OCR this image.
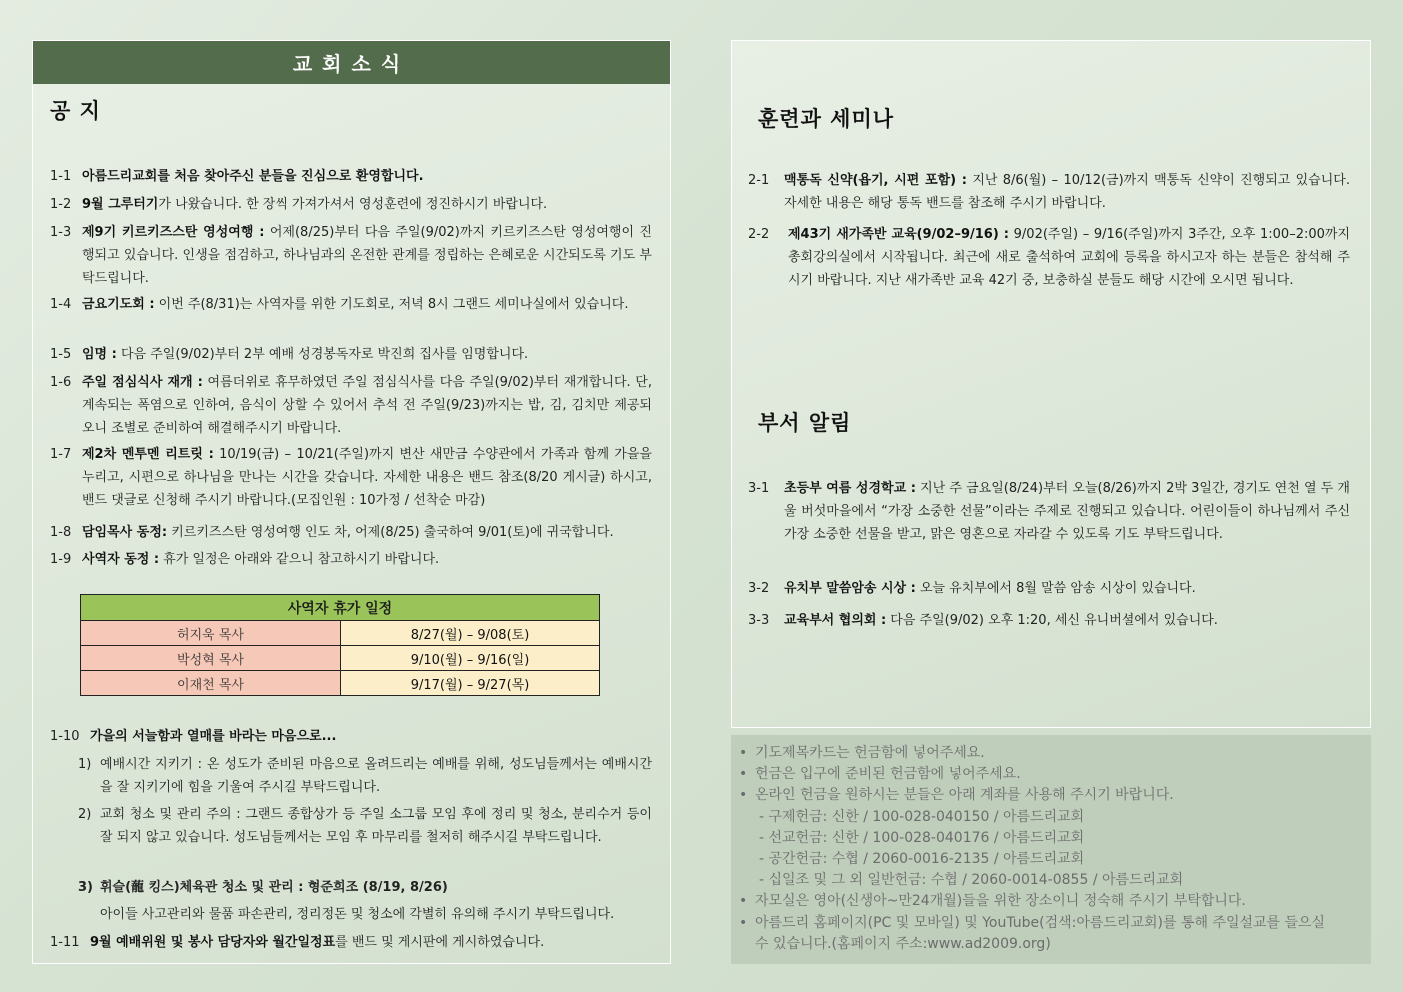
교회소식
공 지
1-1 아름드리교회를 처음 찾아주신 분들을 진심으로 환영합니다.
1-2 9월 그루터기가 나왔습니다. 한 장씩 가져가셔서 영성훈련에 정진하시기 바랍니다.
1-3 제9기 키르키즈스탄 영성여행 : 어제(8/25)부터 다음 주일(9/02)까지 키르키즈스탄 영성여행이 진행되고 있습니다. 인생을 점검하고, 하나님과의 온전한 관계를 정립하는 은혜로운 시간되도록 기도 부탁드립니다.
1-4 금요기도회 : 이번 주(8/31)는 사역자를 위한 기도회로, 저녁 8시 그랜드 세미나실에서 있습니다.
1-5 임명 : 다음 주일(9/02)부터 2부 예배 성경봉독자로 박진희 집사를 임명합니다.
1-6 주일 점심식사 재개 : 여름더위로 휴무하였던 주일 점심식사를 다음 주일(9/02)부터 재개합니다. 단, 계속되는 폭염으로 인하여, 음식이 상할 수 있어서 추석 전 주일(9/23)까지는 밥, 김, 김치만 제공되오니 조별로 준비하여 해결해주시기 바랍니다.
1-7 제2차 멘투멘 리트릿 : 10/19(금) – 10/21(주일)까지 변산 새만금 수양관에서 가족과 함께 가을을 누리고, 시편으로 하나님을 만나는 시간을 갖습니다. 자세한 내용은 밴드 참조(8/20 게시글) 하시고, 밴드 댓글로 신청해 주시기 바랍니다.(모집인원 : 10가정 / 선착순 마감)
1-8 담임목사 동정: 키르키즈스탄 영성여행 인도 차, 어제(8/25) 출국하여 9/01(토)에 귀국합니다.
1-9 사역자 동정 : 휴가 일정은 아래와 같으니 참고하시기 바랍니다.
1-10 가을의 서늘함과 열매를 바라는 마음으로...
1) 예배시간 지키기 : 온 성도가 준비된 마음으로 올려드리는 예배를 위해, 성도님들께서는 예배시간을 잘 지키기에 힘을 기울여 주시길 부탁드립니다.
2) 교회 청소 및 관리 주의 : 그랜드 종합상가 등 주일 소그룹 모임 후에 정리 및 청소, 분리수거 등이 잘 되지 않고 있습니다. 성도님들께서는 모임 후 마무리를 철저히 해주시길 부탁드립니다.
3) 휘슬(蘢 킹스)체육관 청소 및 관리 : 형준희조 (8/19, 8/26)
아이들 사고관리와 물품 파손관리, 정리정돈 및 청소에 각별히 유의해 주시기 부탁드립니다.
1-11 9월 예배위원 및 봉사 담당자와 월간일정표를 밴드 및 게시판에 게시하였습니다.
사역자 휴가 일정	
허지욱 목사	8/27(월) – 9/08(토)
박성혁 목사	9/10(월) – 9/16(일)
이재천 목사	9/17(월) – 9/27(목)
훈련과 세미나
2-1	맥통독 신약(욥기, 시편 포함) : 지난 8/6(월) – 10/12(금)까지 맥통독 신약이 진행되고 있습니다. 자세한 내용은 해당 통독 밴드를 참조해 주시기 바랍니다.
2-2	제43기 새가족반 교육(9/02–9/16) : 9/02(주일) – 9/16(주일)까지 3주간, 오후 1:00–2:00까지 총회강의실에서 시작됩니다. 최근에 새로 출석하여 교회에 등록을 하시고자 하는 분들은 참석해 주시기 바랍니다. 지난 새가족반 교육 42기 중, 보충하실 분들도 해당 시간에 오시면 됩니다.
부서 알림
3-1	초등부 여름 성경학교 : 지난 주 금요일(8/24)부터 오늘(8/26)까지 2박 3일간, 경기도 연천 열 두 개울 버섯마을에서 “가장 소중한 선물”이라는 주제로 진행되고 있습니다. 어린이들이 하나님께서 주신 가장 소중한 선물을 받고, 맑은 영혼으로 자라갈 수 있도록 기도 부탁드립니다.
3-2	유치부 말씀암송 시상 : 오늘 유치부에서 8월 말씀 암송 시상이 있습니다.
3-3	교육부서 협의회 : 다음 주일(9/02) 오후 1:20, 세신 유니버셜에서 있습니다.
• 기도제목카드는 헌금함에 넣어주세요.
• 헌금은 입구에 준비된 헌금함에 넣어주세요.
• 온라인 헌금을 원하시는 분들은 아래 계좌를 사용해 주시기 바랍니다.
- 구제헌금: 신한 / 100-028-040150 / 아름드리교회
- 선교헌금: 신한 / 100-028-040176 / 아름드리교회
- 공간헌금: 수협 / 2060-0016-2135 / 아름드리교회
- 십일조 및 그 외 일반헌금: 수협 / 2060-0014-0855 / 아름드리교회
• 자모실은 영아(신생아~만24개월)들을 위한 장소이니 정숙해 주시기 부탁합니다.
• 아름드리 홈페이지(PC 및 모바일) 및 YouTube(검색:아름드리교회)를 통해 주일설교를 들으실
수 있습니다.(홈페이지 주소:www.ad2009.org)
